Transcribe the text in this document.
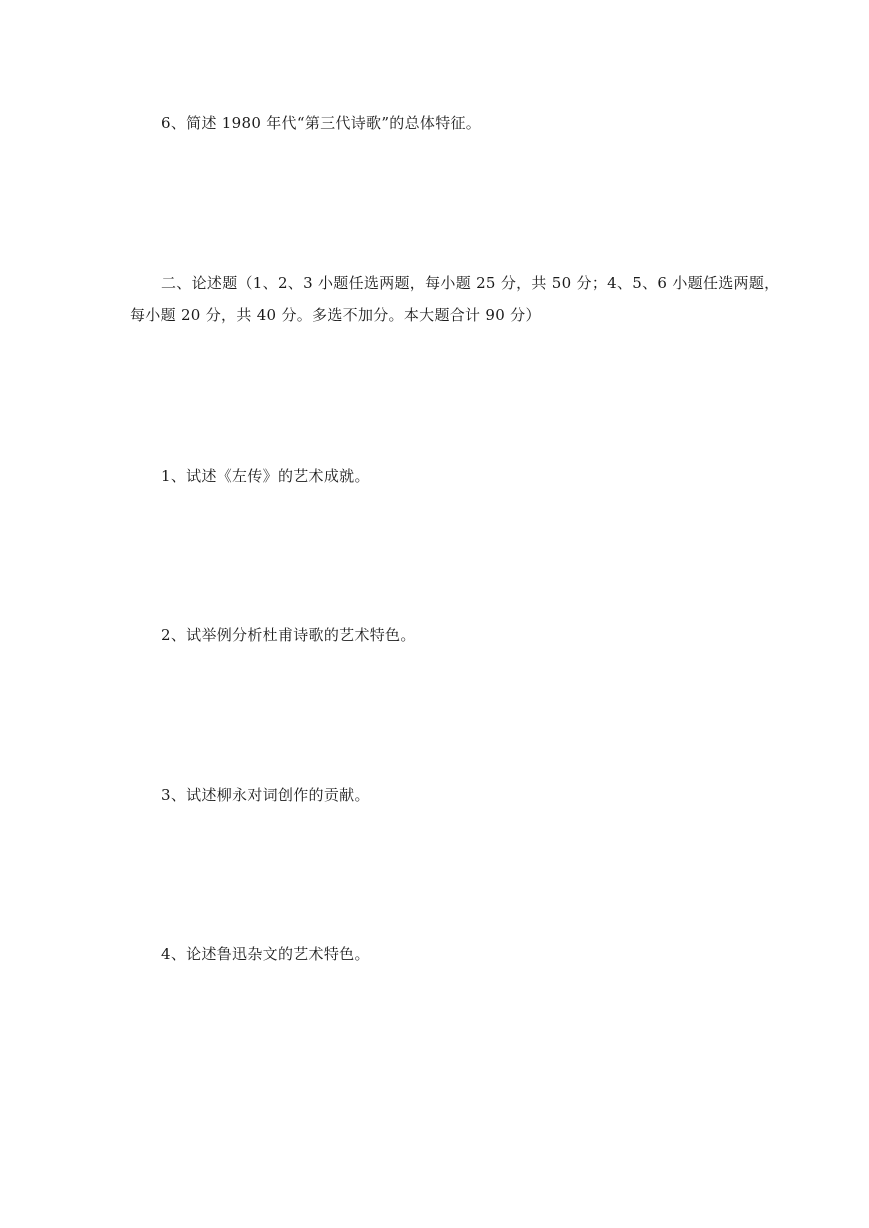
6、简述 1980 年代“第三代诗歌”的总体特征。
二、论述题（1、2、3 小题任选两题，每小题 25 分，共 50 分；4、5、6 小题任选两题，
每小题 20 分，共 40 分。多选不加分。本大题合计 90 分）
1、试述《左传》的艺术成就。
2、试举例分析杜甫诗歌的艺术特色。
3、试述柳永对词创作的贡献。
4、论述鲁迅杂文的艺术特色。
